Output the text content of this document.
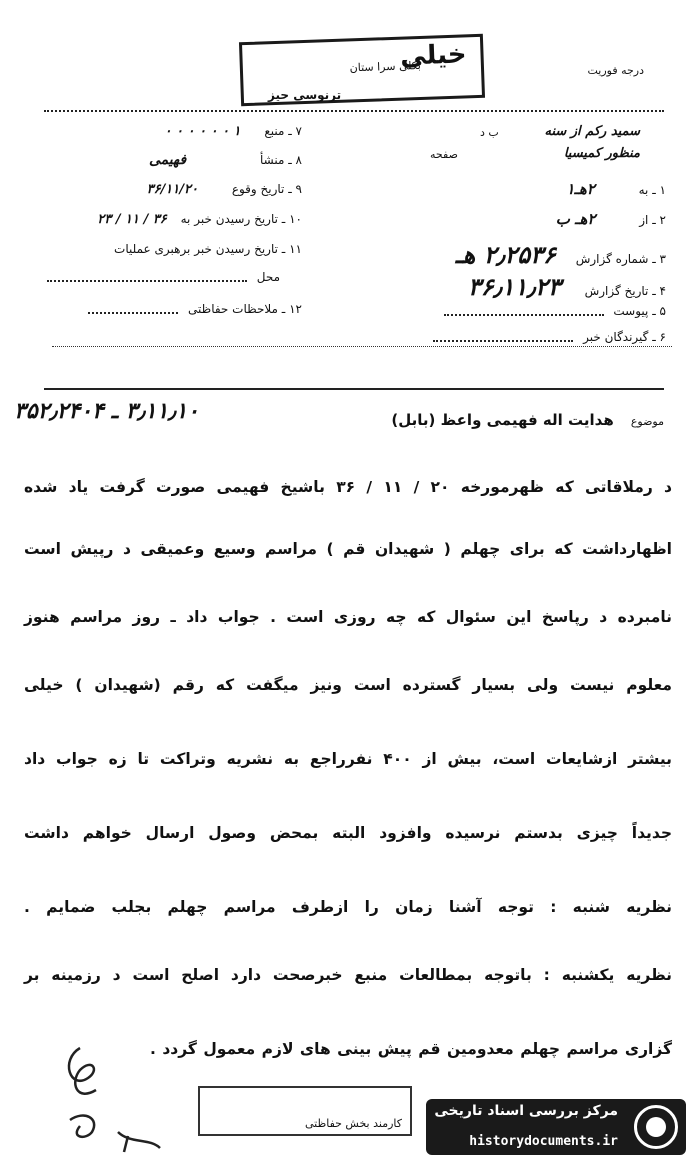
خیلی
بکلی سرا ستان
ترنوسی حیز
درجه فوریت
سمید رکم از سنه
منظور کمیسیا
ب د
صفحه
۱ ـ به ۲هـ۱
۲ ـ از ۲هـ ب
۳ ـ شماره گزارش ۲٫۲۵۳۶ هـ
۴ ـ تاریخ گزارش ۳۶٫۱۱٫۲۳
۵ ـ پیوست
۶ ـ گیرندگان خبر
۷ ـ منبع ۱ ۰ ۰ ۰ ۰ ۰ ۰
۸ ـ منشأ فهیمی
۹ ـ تاریخ وقوع ۳۶/۱۱/۲۰
۱۰ ـ تاریخ رسیدن خبر به ۳۶ / ۱۱ / ۲۳
۱۱ ـ تاریخ رسیدن خبر برهبری عملیات
محل
۱۲ ـ ملاحظات حفاظتی
موضوع هدایت اله فهیمی واعظ (بابل)
۳٫۱۱٫۱۰ ـ ۳۵۲٫۲۴۰۴
د رملاقاتی که ظهرمورخه ۲۰ / ۱۱ / ۳۶ باشیخ فهیمی صورت گرفت یاد شده
اظهارداشت که برای چهلم ( شهیدان قم ) مراسم وسیع وعمیقی د رپیش است
نامبرده د رپاسخ این سئوال که چه روزی است . جواب داد ـ روز مراسم هنوز
معلوم نیست ولی بسیار گسترده است ونیز میگفت که رقم (شهیدان ) خیلی
بیشتر ازشایعات است، بیش از ۴۰۰ نفرراجع به نشریه وتراکت تا زه جواب داد
جدیداً چیزی بدستم نرسیده وافزود البته بمحض وصول ارسال خواهم داشت
نظریه شنبه : توجه آشنا زمان را ازطرف مراسم چهلم بجلب ضمایم .
نظریه یکشنبه : باتوجه بمطالعات منبع خبرصحت دارد اصلح است د رزمینه بر
گزاری مراسم چهلم معدومین قم پیش بینی های لازم معمول گردد .
کارمند بخش حفاظتی
مرکز بررسی اسناد تاریخی
historydocuments.ir
